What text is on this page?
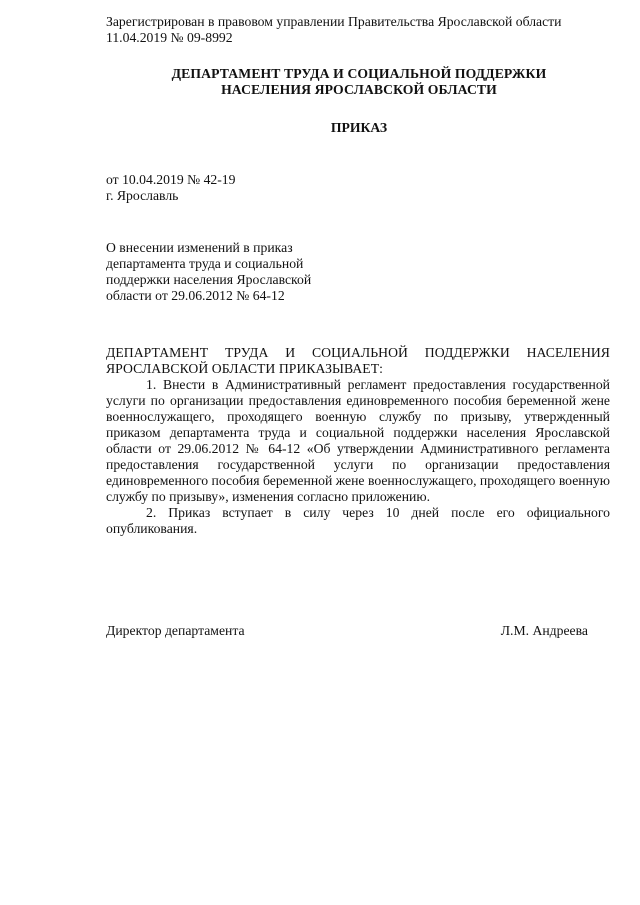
Зарегистрирован в правовом управлении Правительства Ярославской области
11.04.2019 № 09-8992
ДЕПАРТАМЕНТ ТРУДА И СОЦИАЛЬНОЙ ПОДДЕРЖКИ
НАСЕЛЕНИЯ ЯРОСЛАВСКОЙ ОБЛАСТИ
ПРИКАЗ
от 10.04.2019 № 42-19
г. Ярославль
О внесении изменений в приказ
департамента труда и социальной
поддержки населения Ярославской
области от 29.06.2012 № 64-12

ДЕПАРТАМЕНТ ТРУДА И СОЦИАЛЬНОЙ ПОДДЕРЖКИ НАСЕЛЕНИЯ ЯРОСЛАВСКОЙ ОБЛАСТИ ПРИКАЗЫВАЕТ:

1. Внести в Административный регламент предоставления государственной услуги по организации предоставления единовременного пособия беременной жене военнослужащего, проходящего военную службу по призыву, утвержденный приказом департамента труда и социальной поддержки населения Ярославской области от 29.06.2012 № 64-12 «Об утверждении Административного регламента предоставления государственной услуги по организации предоставления единовременного пособия беременной жене военнослужащего, проходящего военную службу по призыву», изменения согласно приложению.

2. Приказ вступает в силу через 10 дней после его официального опубликования.

Директор департамента	Л.М. Андреева
